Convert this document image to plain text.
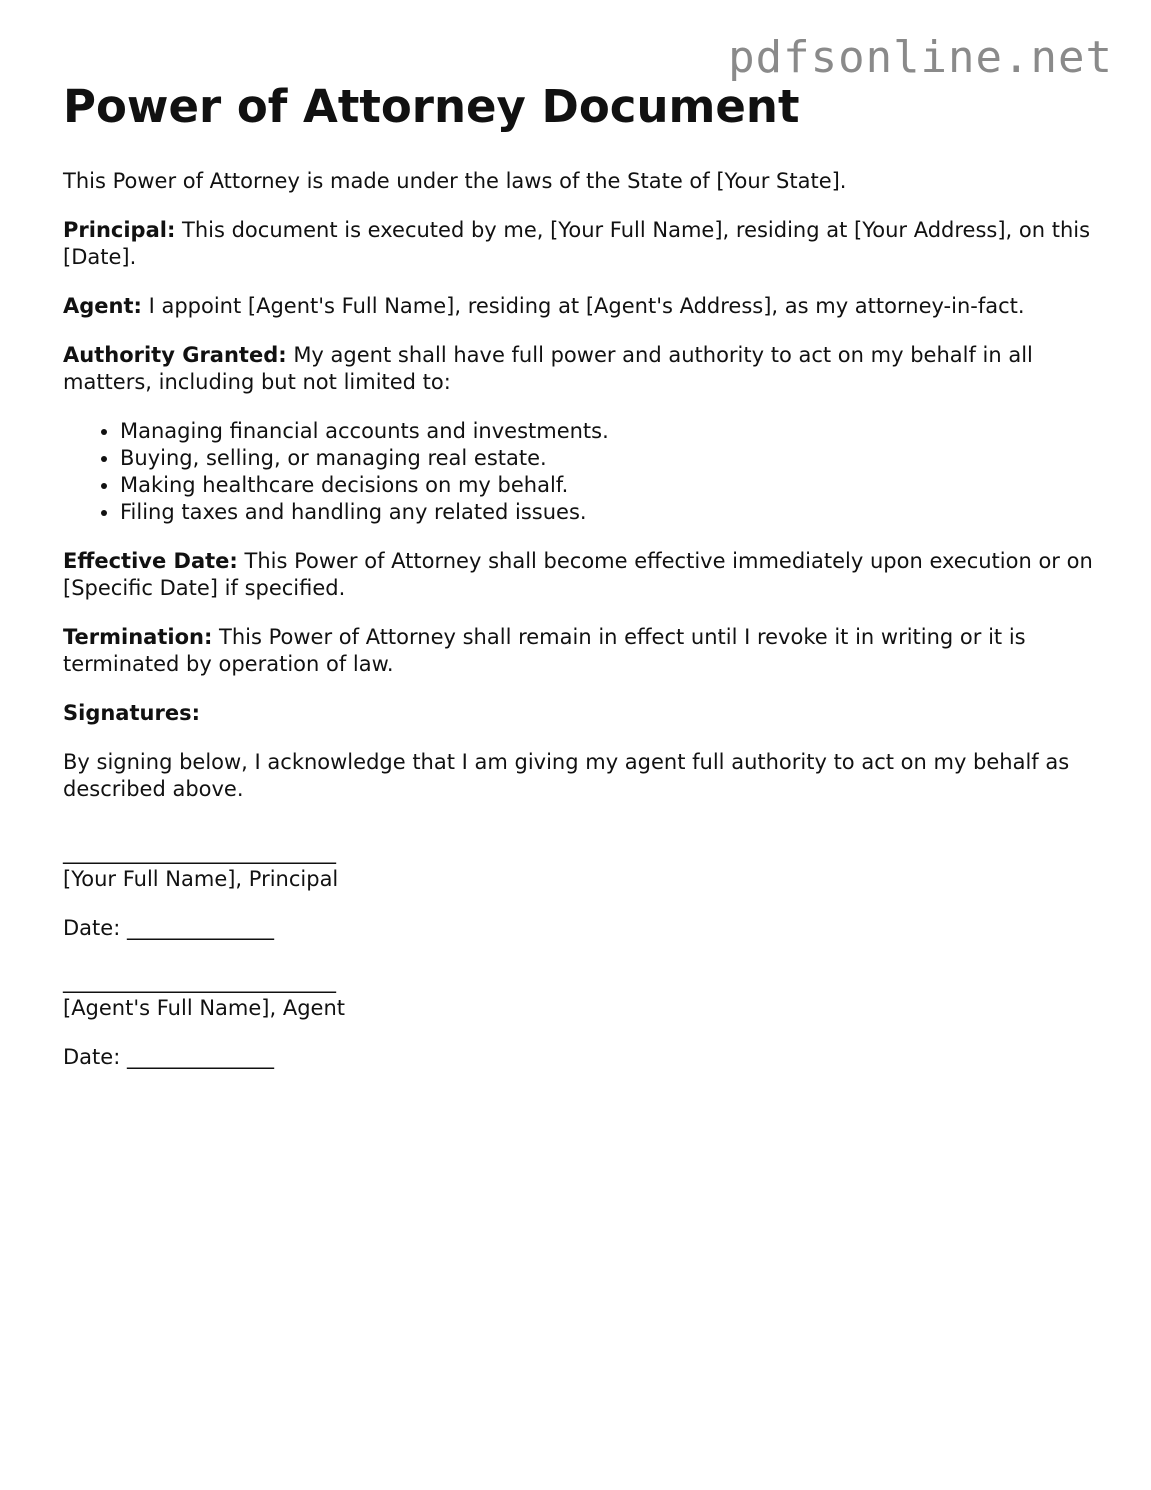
pdfsonline.net
Power of Attorney Document

This Power of Attorney is made under the laws of the State of [Your State].

Principal: This document is executed by me, [Your Full Name], residing at [Your Address], on this [Date].

Agent: I appoint [Agent's Full Name], residing at [Agent's Address], as my attorney-in-fact.

Authority Granted: My agent shall have full power and authority to act on my behalf in all matters, including but not limited to:

• Managing financial accounts and investments.
• Buying, selling, or managing real estate.
• Making healthcare decisions on my behalf.
• Filing taxes and handling any related issues.

Effective Date: This Power of Attorney shall become effective immediately upon execution or on [Specific Date] if specified.

Termination: This Power of Attorney shall remain in effect until I revoke it in writing or it is terminated by operation of law.

Signatures:

By signing below, I acknowledge that I am giving my agent full authority to act on my behalf as described above.

__________________________
[Your Full Name], Principal
Date: ______________
__________________________
[Agent's Full Name], Agent
Date: ______________
